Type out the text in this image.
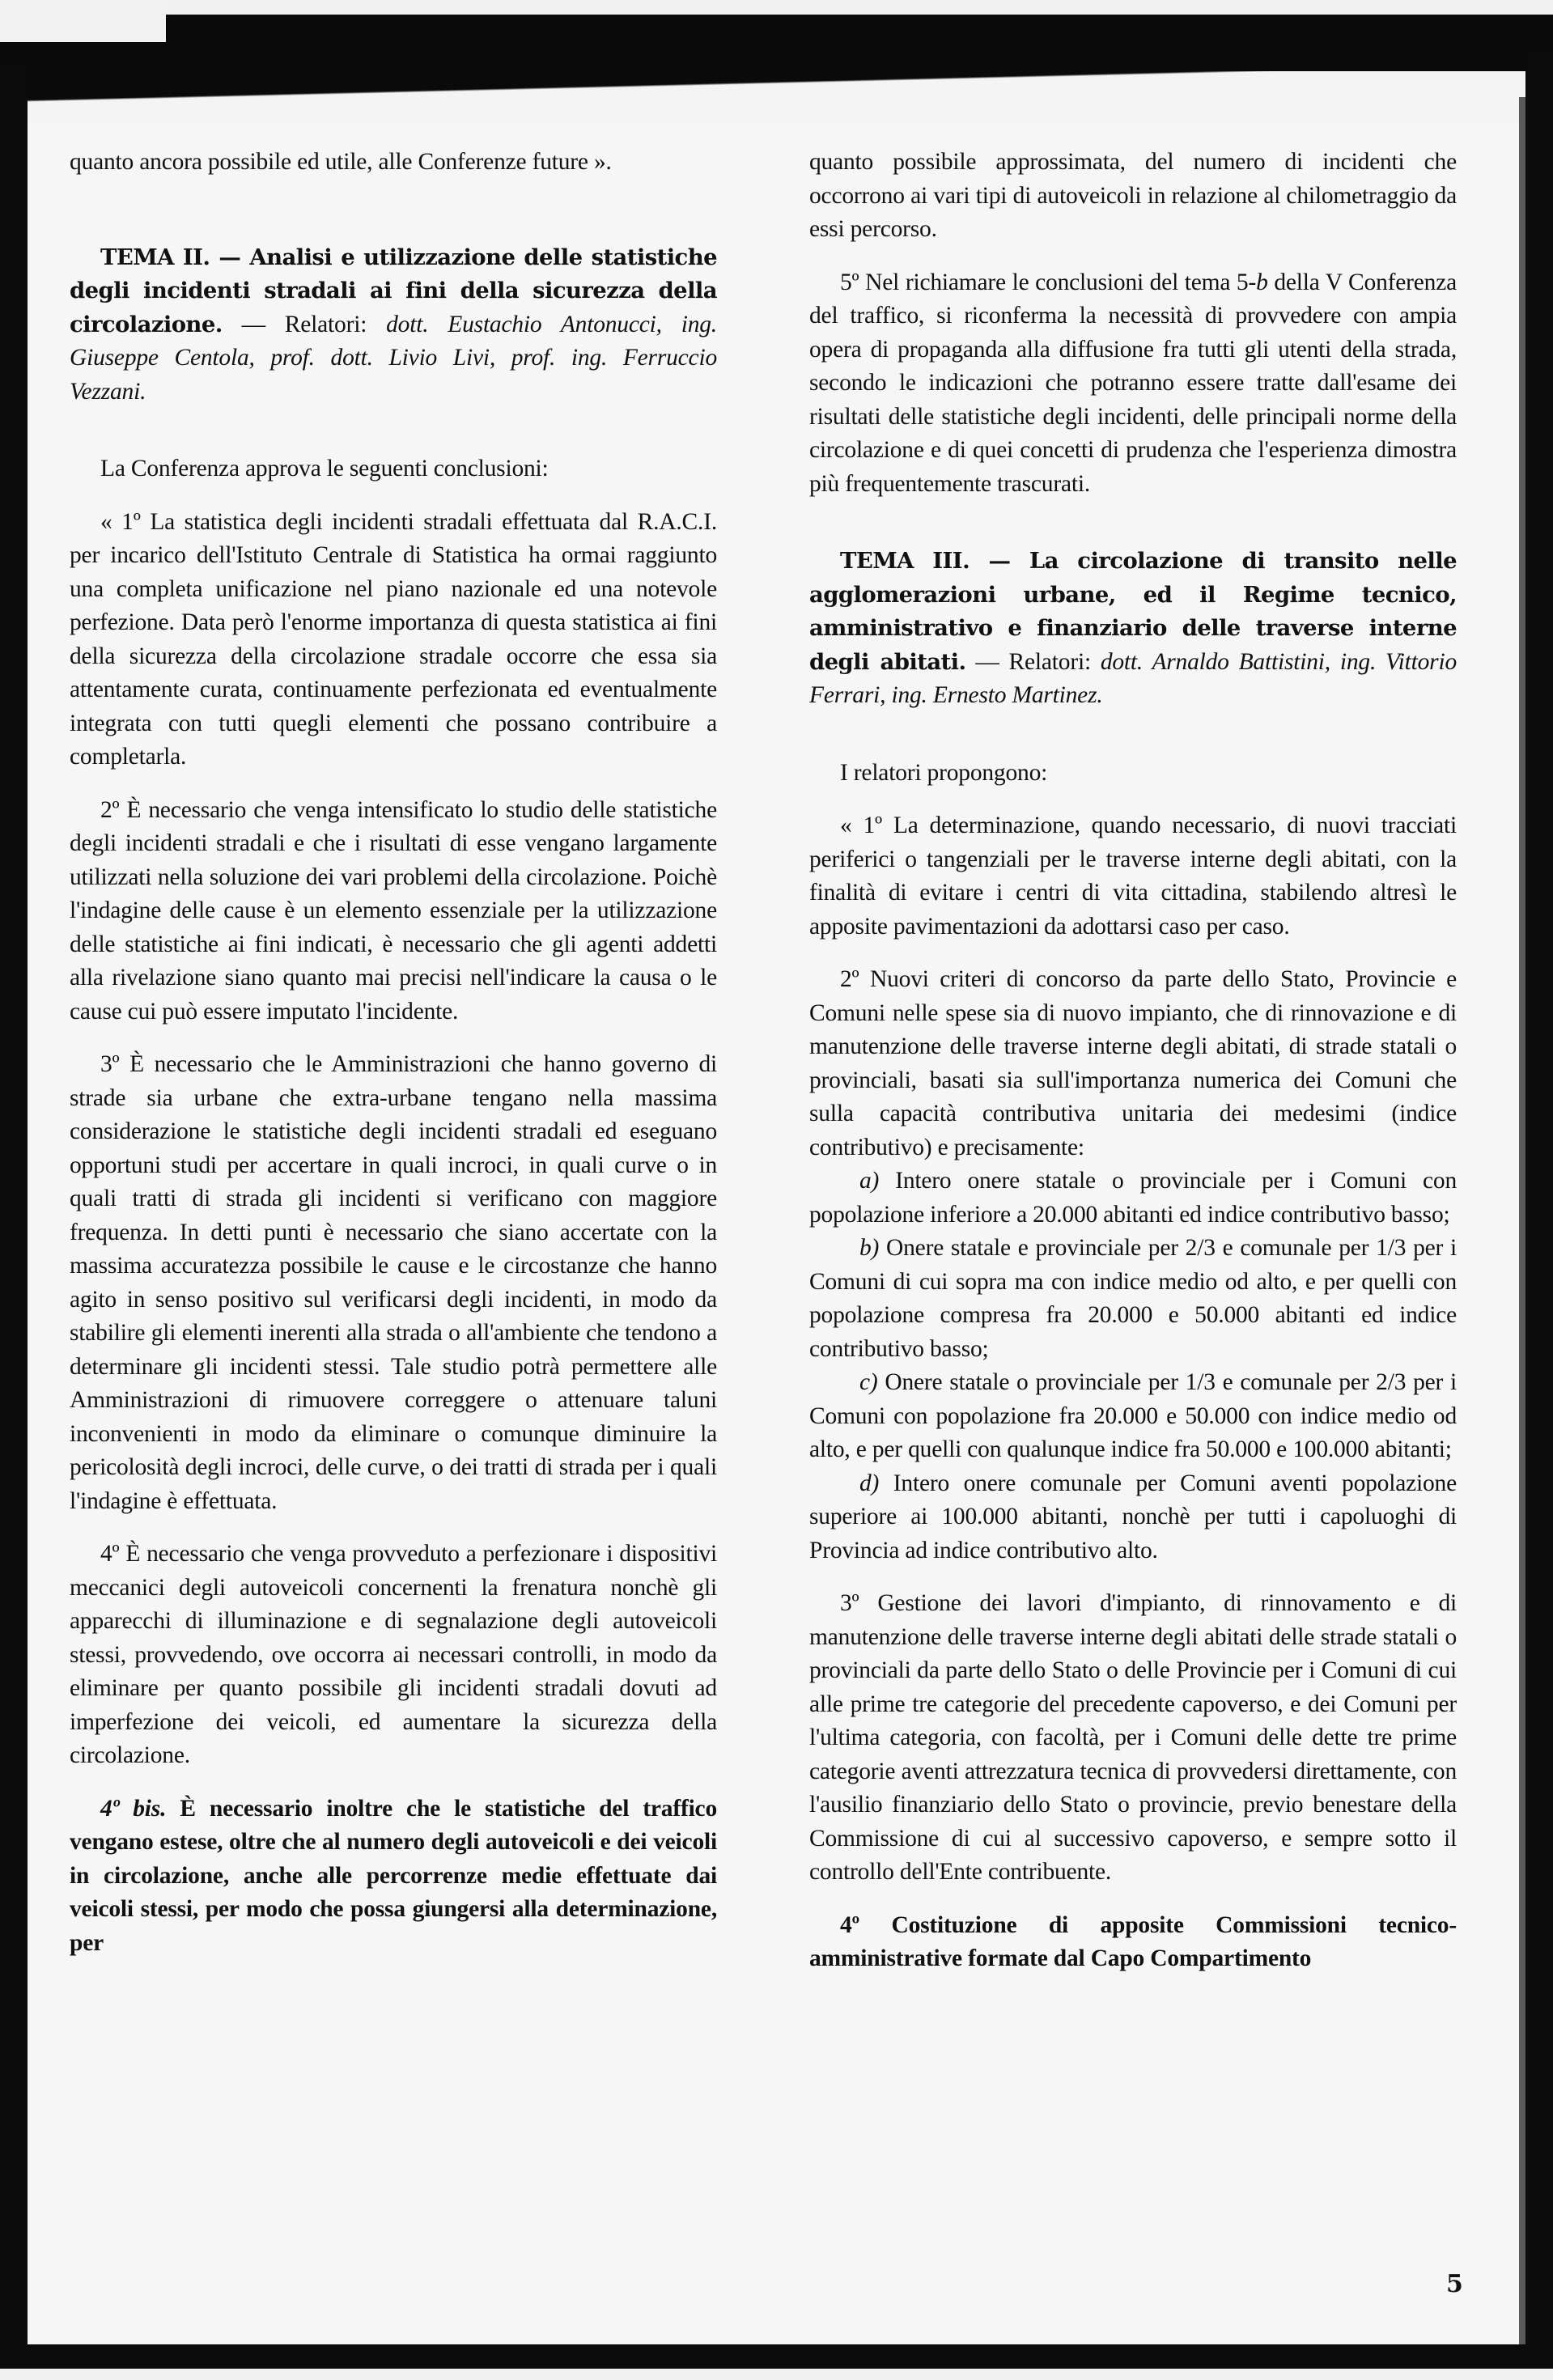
quanto ancora possibile ed utile, alle Conferenze future ».

TEMA II. — Analisi e utilizzazione delle statistiche degli incidenti stradali ai fini della sicurezza della circolazione. — Relatori: dott. Eustachio Antonucci, ing. Giuseppe Centola, prof. dott. Livio Livi, prof. ing. Ferruccio Vezzani.

La Conferenza approva le seguenti conclusioni:

« 1º La statistica degli incidenti stradali effettuata dal R.A.C.I. per incarico dell'Istituto Centrale di Statistica ha ormai raggiunto una completa unificazione nel piano nazionale ed una notevole perfezione. Data però l'enorme importanza di questa statistica ai fini della sicurezza della circolazione stradale occorre che essa sia attentamente curata, continuamente perfezionata ed eventualmente integrata con tutti quegli elementi che possano contribuire a completarla.

2º È necessario che venga intensificato lo studio delle statistiche degli incidenti stradali e che i risultati di esse vengano largamente utilizzati nella soluzione dei vari problemi della circolazione. Poichè l'indagine delle cause è un elemento essenziale per la utilizzazione delle statistiche ai fini indicati, è necessario che gli agenti addetti alla rivelazione siano quanto mai precisi nell'indicare la causa o le cause cui può essere imputato l'incidente.

3º È necessario che le Amministrazioni che hanno governo di strade sia urbane che extra-urbane tengano nella massima considerazione le statistiche degli incidenti stradali ed eseguano opportuni studi per accertare in quali incroci, in quali curve o in quali tratti di strada gli incidenti si verificano con maggiore frequenza. In detti punti è necessario che siano accertate con la massima accuratezza possibile le cause e le circostanze che hanno agito in senso positivo sul verificarsi degli incidenti, in modo da stabilire gli elementi inerenti alla strada o all'ambiente che tendono a determinare gli incidenti stessi. Tale studio potrà permettere alle Amministrazioni di rimuovere correggere o attenuare taluni inconvenienti in modo da eliminare o comunque diminuire la pericolosità degli incroci, delle curve, o dei tratti di strada per i quali l'indagine è effettuata.

4º È necessario che venga provveduto a perfezionare i dispositivi meccanici degli autoveicoli concernenti la frenatura nonchè gli apparecchi di illuminazione e di segnalazione degli autoveicoli stessi, provvedendo, ove occorra ai necessari controlli, in modo da eliminare per quanto possibile gli incidenti stradali dovuti ad imperfezione dei veicoli, ed aumentare la sicurezza della circolazione.

4º bis. È necessario inoltre che le statistiche del traffico vengano estese, oltre che al numero degli autoveicoli e dei veicoli in circolazione, anche alle percorrenze medie effettuate dai veicoli stessi, per modo che possa giungersi alla determinazione, per

quanto possibile approssimata, del numero di incidenti che occorrono ai vari tipi di autoveicoli in relazione al chilometraggio da essi percorso.

5º Nel richiamare le conclusioni del tema 5-b della V Conferenza del traffico, si riconferma la necessità di provvedere con ampia opera di propaganda alla diffusione fra tutti gli utenti della strada, secondo le indicazioni che potranno essere tratte dall'esame dei risultati delle statistiche degli incidenti, delle principali norme della circolazione e di quei concetti di prudenza che l'esperienza dimostra più frequentemente trascurati.

TEMA III. — La circolazione di transito nelle agglomerazioni urbane, ed il Regime tecnico, amministrativo e finanziario delle traverse interne degli abitati. — Relatori: dott. Arnaldo Battistini, ing. Vittorio Ferrari, ing. Ernesto Martinez.

I relatori propongono:

« 1º La determinazione, quando necessario, di nuovi tracciati periferici o tangenziali per le traverse interne degli abitati, con la finalità di evitare i centri di vita cittadina, stabilendo altresì le apposite pavimentazioni da adottarsi caso per caso.

2º Nuovi criteri di concorso da parte dello Stato, Provincie e Comuni nelle spese sia di nuovo impianto, che di rinnovazione e di manutenzione delle traverse interne degli abitati, di strade statali o provinciali, basati sia sull'importanza numerica dei Comuni che sulla capacità contributiva unitaria dei medesimi (indice contributivo) e precisamente:

a) Intero onere statale o provinciale per i Comuni con popolazione inferiore a 20.000 abitanti ed indice contributivo basso;

b) Onere statale e provinciale per 2/3 e comunale per 1/3 per i Comuni di cui sopra ma con indice medio od alto, e per quelli con popolazione compresa fra 20.000 e 50.000 abitanti ed indice contributivo basso;

c) Onere statale o provinciale per 1/3 e comunale per 2/3 per i Comuni con popolazione fra 20.000 e 50.000 con indice medio od alto, e per quelli con qualunque indice fra 50.000 e 100.000 abitanti;

d) Intero onere comunale per Comuni aventi popolazione superiore ai 100.000 abitanti, nonchè per tutti i capoluoghi di Provincia ad indice contributivo alto.

3º Gestione dei lavori d'impianto, di rinnovamento e di manutenzione delle traverse interne degli abitati delle strade statali o provinciali da parte dello Stato o delle Provincie per i Comuni di cui alle prime tre categorie del precedente capoverso, e dei Comuni per l'ultima categoria, con facoltà, per i Comuni delle dette tre prime categorie aventi attrezzatura tecnica di provvedersi direttamente, con l'ausilio finanziario dello Stato o provincie, previo benestare della Commissione di cui al successivo capoverso, e sempre sotto il controllo dell'Ente contribuente.

4º Costituzione di apposite Commissioni tecnico-amministrative formate dal Capo Compartimento

5
